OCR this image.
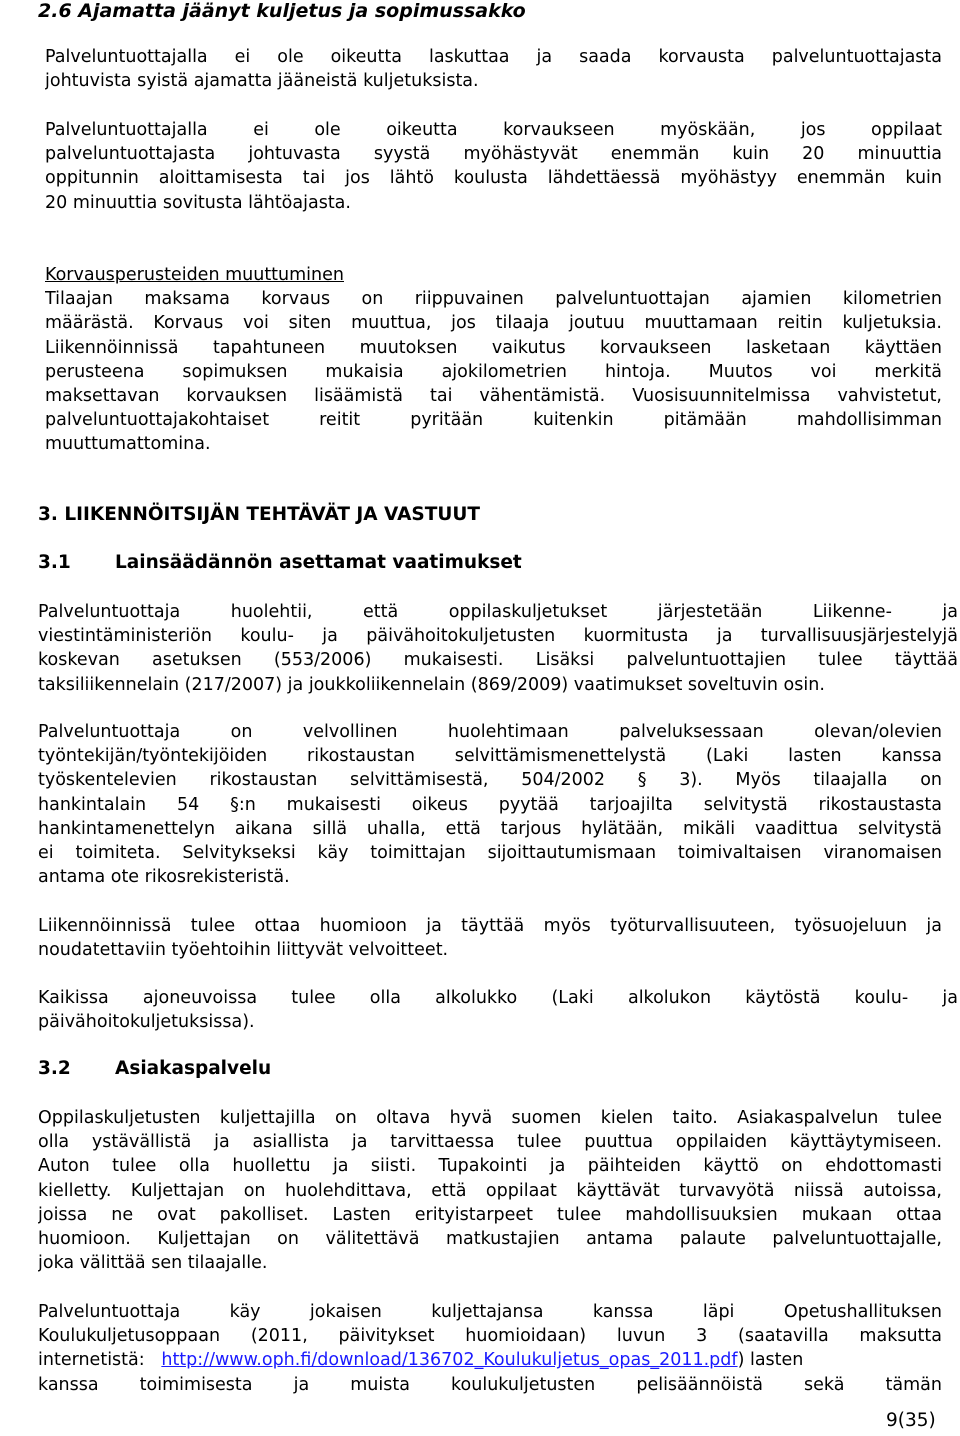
2.6 Ajamatta jäänyt kuljetus ja sopimussakko
Palveluntuottajalla ei ole oikeutta laskuttaa ja saada korvausta palveluntuottajasta
johtuvista syistä ajamatta jääneistä kuljetuksista.
Palveluntuottajalla ei ole oikeutta korvaukseen myöskään, jos oppilaat
palveluntuottajasta johtuvasta syystä myöhästyvät enemmän kuin 20 minuuttia
oppitunnin aloittamisesta tai jos lähtö koulusta lähdettäessä myöhästyy enemmän kuin
20 minuuttia sovitusta lähtöajasta.
Korvausperusteiden muuttuminen
Tilaajan maksama korvaus on riippuvainen palveluntuottajan ajamien kilometrien
määrästä. Korvaus voi siten muuttua, jos tilaaja joutuu muuttamaan reitin kuljetuksia.
Liikennöinnissä tapahtuneen muutoksen vaikutus korvaukseen lasketaan käyttäen
perusteena sopimuksen mukaisia ajokilometrien hintoja. Muutos voi merkitä
maksettavan korvauksen lisäämistä tai vähentämistä. Vuosisuunnitelmissa vahvistetut,
palveluntuottajakohtaiset reitit pyritään kuitenkin pitämään mahdollisimman
muuttumattomina.
3. LIIKENNÖITSIJÄN TEHTÄVÄT JA VASTUUT
3.1 Lainsäädännön asettamat vaatimukset
Palveluntuottaja huolehtii, että oppilaskuljetukset järjestetään Liikenne- ja
viestintäministeriön koulu- ja päivähoitokuljetusten kuormitusta ja turvallisuusjärjestelyjä
koskevan asetuksen (553/2006) mukaisesti. Lisäksi palveluntuottajien tulee täyttää
taksiliikennelain (217/2007) ja joukkoliikennelain (869/2009) vaatimukset soveltuvin osin.
Palveluntuottaja on velvollinen huolehtimaan palveluksessaan olevan/olevien
työntekijän/työntekijöiden rikostaustan selvittämismenettelystä (Laki lasten kanssa
työskentelevien rikostaustan selvittämisestä, 504/2002 § 3). Myös tilaajalla on
hankintalain 54 §:n mukaisesti oikeus pyytää tarjoajilta selvitystä rikostaustasta
hankintamenettelyn aikana sillä uhalla, että tarjous hylätään, mikäli vaadittua selvitystä
ei toimiteta. Selvitykseksi käy toimittajan sijoittautumismaan toimivaltaisen viranomaisen
antama ote rikosrekisteristä.
Liikennöinnissä tulee ottaa huomioon ja täyttää myös työturvallisuuteen, työsuojeluun ja
noudatettaviin työehtoihin liittyvät velvoitteet.
Kaikissa ajoneuvoissa tulee olla alkolukko (Laki alkolukon käytöstä koulu- ja
päivähoitokuljetuksissa).
3.2 Asiakaspalvelu
Oppilaskuljetusten kuljettajilla on oltava hyvä suomen kielen taito. Asiakaspalvelun tulee
olla ystävällistä ja asiallista ja tarvittaessa tulee puuttua oppilaiden käyttäytymiseen.
Auton tulee olla huollettu ja siisti. Tupakointi ja päihteiden käyttö on ehdottomasti
kielletty. Kuljettajan on huolehdittava, että oppilaat käyttävät turvavyötä niissä autoissa,
joissa ne ovat pakolliset. Lasten erityistarpeet tulee mahdollisuuksien mukaan ottaa
huomioon. Kuljettajan on välitettävä matkustajien antama palaute palveluntuottajalle,
joka välittää sen tilaajalle.
Palveluntuottaja käy jokaisen kuljettajansa kanssa läpi Opetushallituksen
Koulukuljetusoppaan (2011, päivitykset huomioidaan) luvun 3 (saatavilla maksutta
internetistä:   http://www.oph.fi/download/136702_Koulukuljetus_opas_2011.pdf) lasten
kanssa toimimisesta ja muista koulukuljetusten pelisäännöistä sekä tämän
9(35)
